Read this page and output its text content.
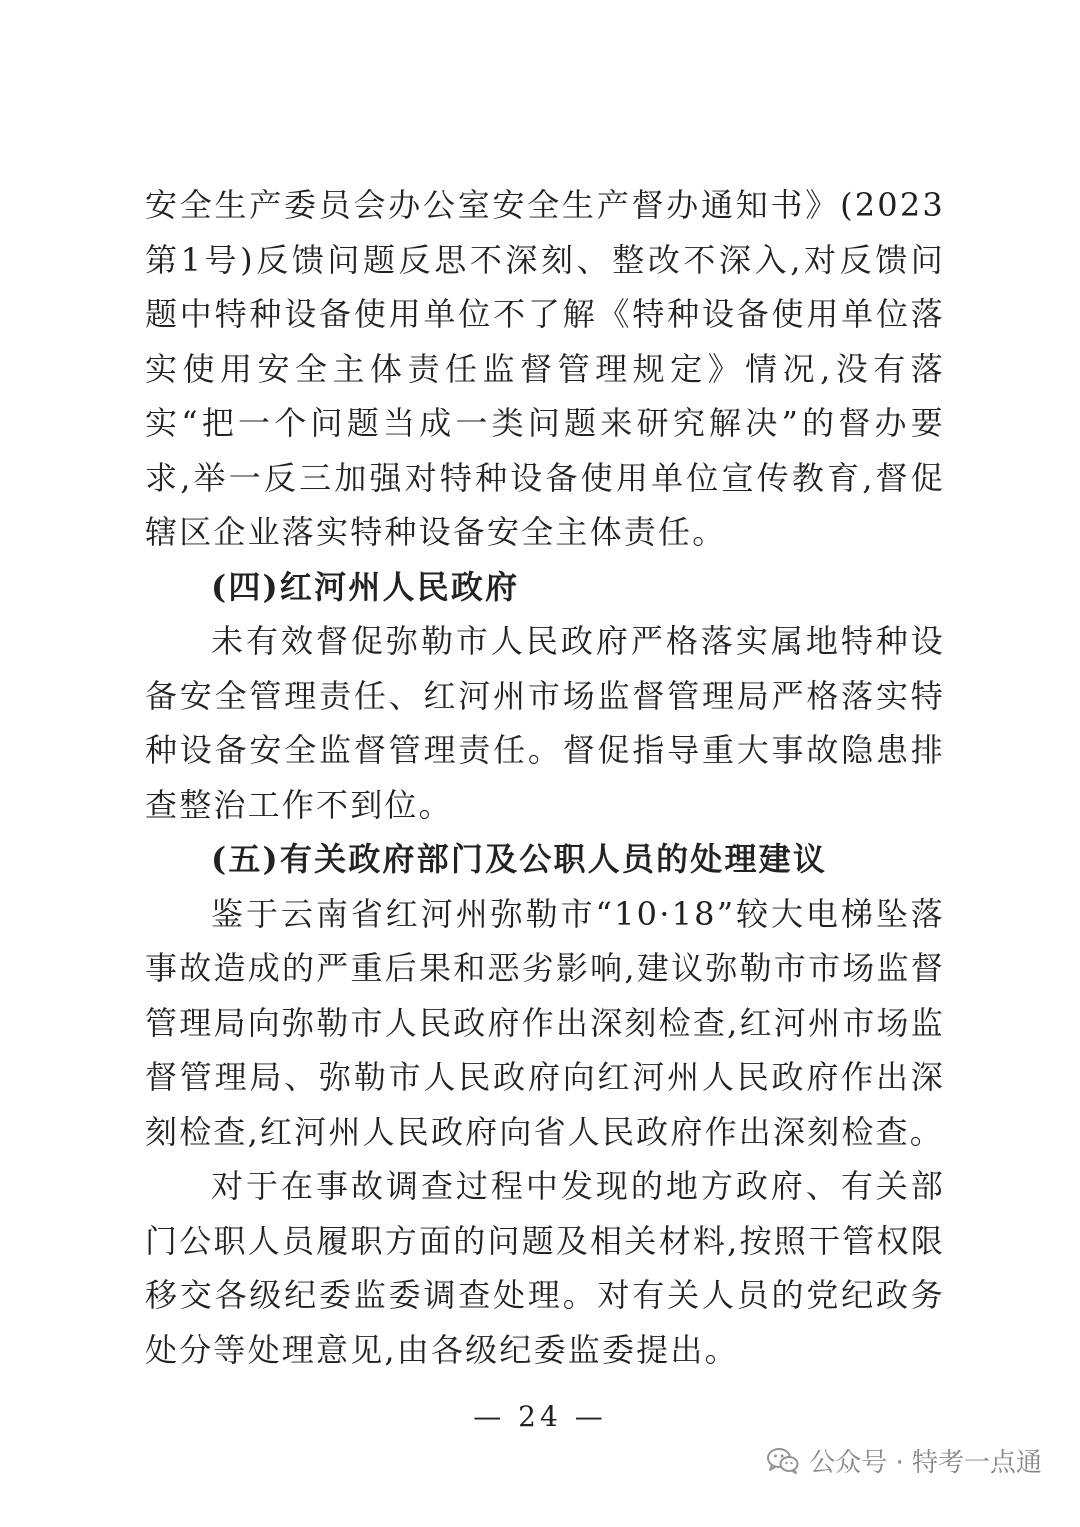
安全生产委员会办公室安全生产督办通知书》(2023第1号)反馈问题反思不深刻、整改不深入,对反馈问题中特种设备使用单位不了解《特种设备使用单位落实使用安全主体责任监督管理规定》情况,没有落实“把一个问题当成一类问题来研究解决”的督办要求,举一反三加强对特种设备使用单位宣传教育,督促辖区企业落实特种设备安全主体责任。

(四)红河州人民政府

未有效督促弥勒市人民政府严格落实属地特种设备安全管理责任、红河州市场监督管理局严格落实特种设备安全监督管理责任。督促指导重大事故隐患排查整治工作不到位。

(五)有关政府部门及公职人员的处理建议

鉴于云南省红河州弥勒市“10·18”较大电梯坠落事故造成的严重后果和恶劣影响,建议弥勒市市场监督管理局向弥勒市人民政府作出深刻检查,红河州市场监督管理局、弥勒市人民政府向红河州人民政府作出深刻检查,红河州人民政府向省人民政府作出深刻检查。

对于在事故调查过程中发现的地方政府、有关部门公职人员履职方面的问题及相关材料,按照干管权限移交各级纪委监委调查处理。对有关人员的党纪政务处分等处理意见,由各级纪委监委提出。

— 24 —
公众号 · 特考一点通
